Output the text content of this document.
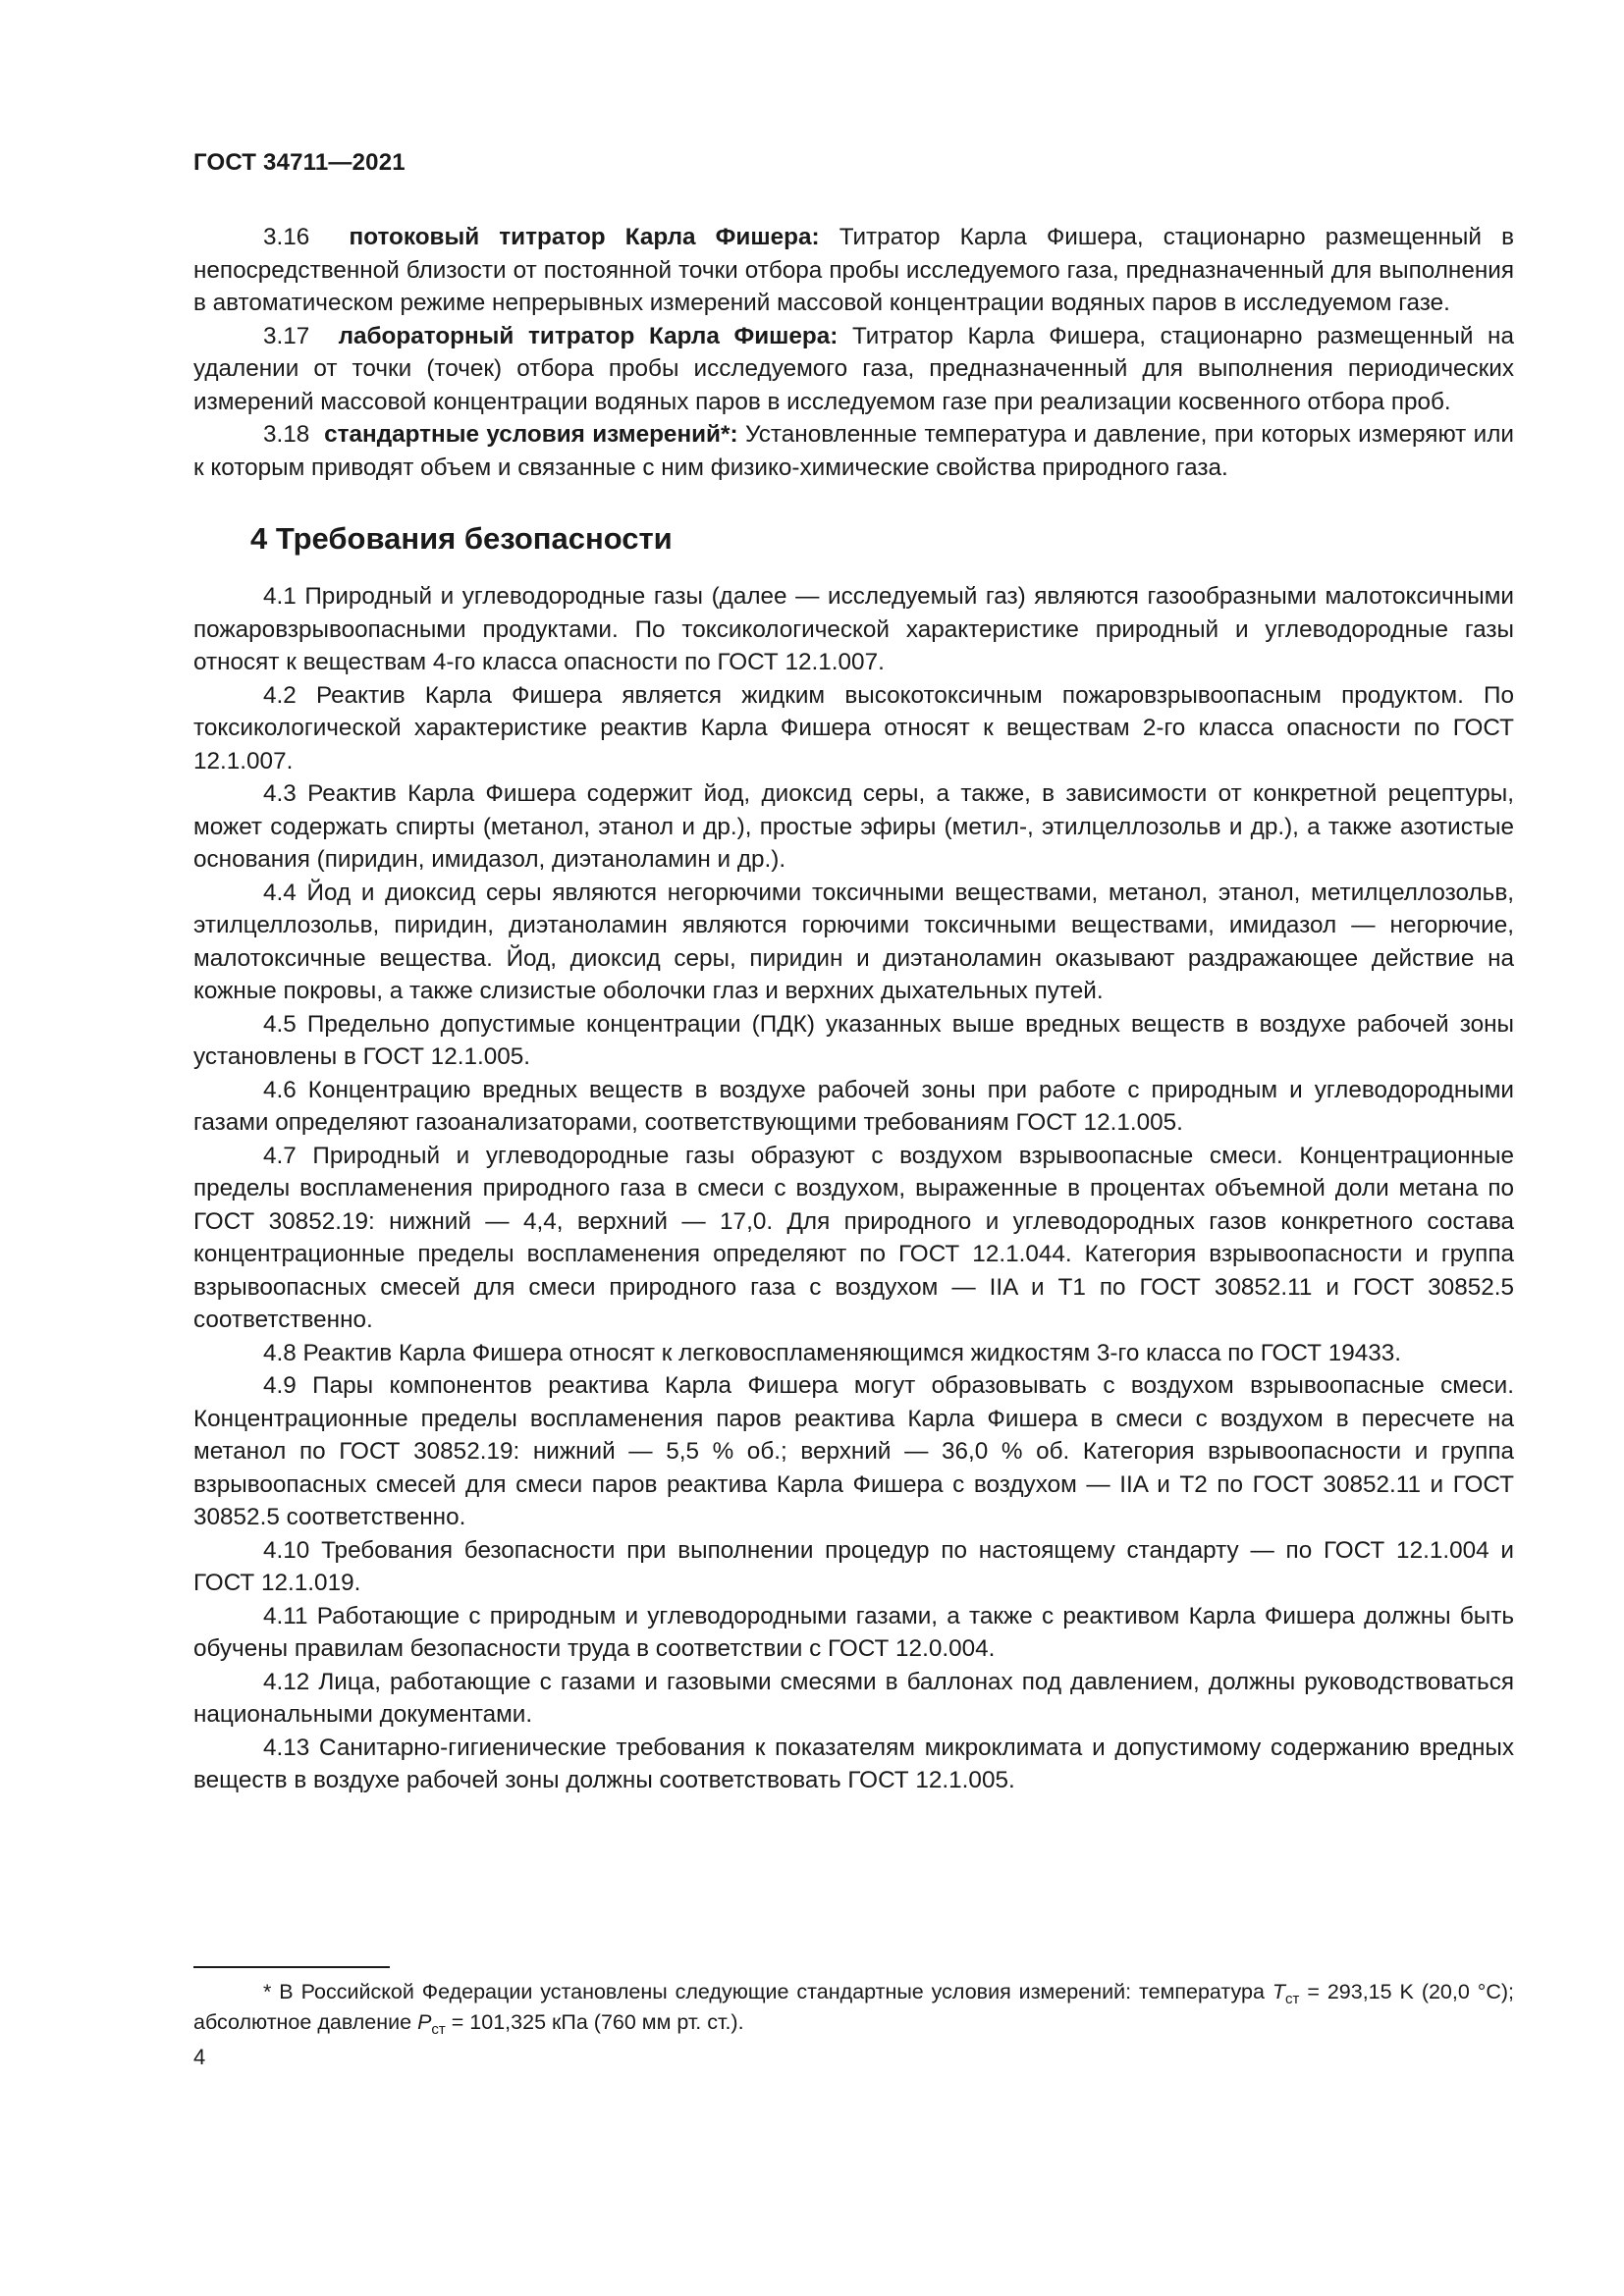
ГОСТ 34711—2021

3.16 потоковый титратор Карла Фишера: Титратор Карла Фишера, стационарно размещенный в непосредственной близости от постоянной точки отбора пробы исследуемого газа, предназначенный для выполнения в автоматическом режиме непрерывных измерений массовой концентрации водяных паров в исследуемом газе.

3.17 лабораторный титратор Карла Фишера: Титратор Карла Фишера, стационарно размещенный на удалении от точки (точек) отбора пробы исследуемого газа, предназначенный для выполнения периодических измерений массовой концентрации водяных паров в исследуемом газе при реализации косвенного отбора проб.

3.18 стандартные условия измерений*: Установленные температура и давление, при которых измеряют или к которым приводят объем и связанные с ним физико-химические свойства природного газа.

4 Требования безопасности

4.1 Природный и углеводородные газы (далее — исследуемый газ) являются газообразными малотоксичными пожаровзрывоопасными продуктами. По токсикологической характеристике природный и углеводородные газы относят к веществам 4-го класса опасности по ГОСТ 12.1.007.

4.2 Реактив Карла Фишера является жидким высокотоксичным пожаровзрывоопасным продуктом. По токсикологической характеристике реактив Карла Фишера относят к веществам 2-го класса опасности по ГОСТ 12.1.007.

4.3 Реактив Карла Фишера содержит йод, диоксид серы, а также, в зависимости от конкретной рецептуры, может содержать спирты (метанол, этанол и др.), простые эфиры (метил-, этилцеллозольв и др.), а также азотистые основания (пиридин, имидазол, диэтаноламин и др.).

4.4 Йод и диоксид серы являются негорючими токсичными веществами, метанол, этанол, метилцеллозольв, этилцеллозольв, пиридин, диэтаноламин являются горючими токсичными веществами, имидазол — негорючие, малотоксичные вещества. Йод, диоксид серы, пиридин и диэтаноламин оказывают раздражающее действие на кожные покровы, а также слизистые оболочки глаз и верхних дыхательных путей.

4.5 Предельно допустимые концентрации (ПДК) указанных выше вредных веществ в воздухе рабочей зоны установлены в ГОСТ 12.1.005.

4.6 Концентрацию вредных веществ в воздухе рабочей зоны при работе с природным и углеводородными газами определяют газоанализаторами, соответствующими требованиям ГОСТ 12.1.005.

4.7 Природный и углеводородные газы образуют с воздухом взрывоопасные смеси. Концентрационные пределы воспламенения природного газа в смеси с воздухом, выраженные в процентах объемной доли метана по ГОСТ 30852.19: нижний — 4,4, верхний — 17,0. Для природного и углеводородных газов конкретного состава концентрационные пределы воспламенения определяют по ГОСТ 12.1.044. Категория взрывоопасности и группа взрывоопасных смесей для смеси природного газа с воздухом — IIA и T1 по ГОСТ 30852.11 и ГОСТ 30852.5 соответственно.

4.8 Реактив Карла Фишера относят к легковоспламеняющимся жидкостям 3-го класса по ГОСТ 19433.

4.9 Пары компонентов реактива Карла Фишера могут образовывать с воздухом взрывоопасные смеси. Концентрационные пределы воспламенения паров реактива Карла Фишера в смеси с воздухом в пересчете на метанол по ГОСТ 30852.19: нижний — 5,5 % об.; верхний — 36,0 % об. Категория взрывоопасности и группа взрывоопасных смесей для смеси паров реактива Карла Фишера с воздухом — IIA и T2 по ГОСТ 30852.11 и ГОСТ 30852.5 соответственно.

4.10 Требования безопасности при выполнении процедур по настоящему стандарту — по ГОСТ 12.1.004 и ГОСТ 12.1.019.

4.11 Работающие с природным и углеводородными газами, а также с реактивом Карла Фишера должны быть обучены правилам безопасности труда в соответствии с ГОСТ 12.0.004.

4.12 Лица, работающие с газами и газовыми смесями в баллонах под давлением, должны руководствоваться национальными документами.

4.13 Санитарно-гигиенические требования к показателям микроклимата и допустимому содержанию вредных веществ в воздухе рабочей зоны должны соответствовать ГОСТ 12.1.005.

* В Российской Федерации установлены следующие стандартные условия измерений: температура $T_{ст} = 293,15$ K (20,0 °C); абсолютное давление $P_{ст} = 101,325$ кПа (760 мм рт. ст.).

4
